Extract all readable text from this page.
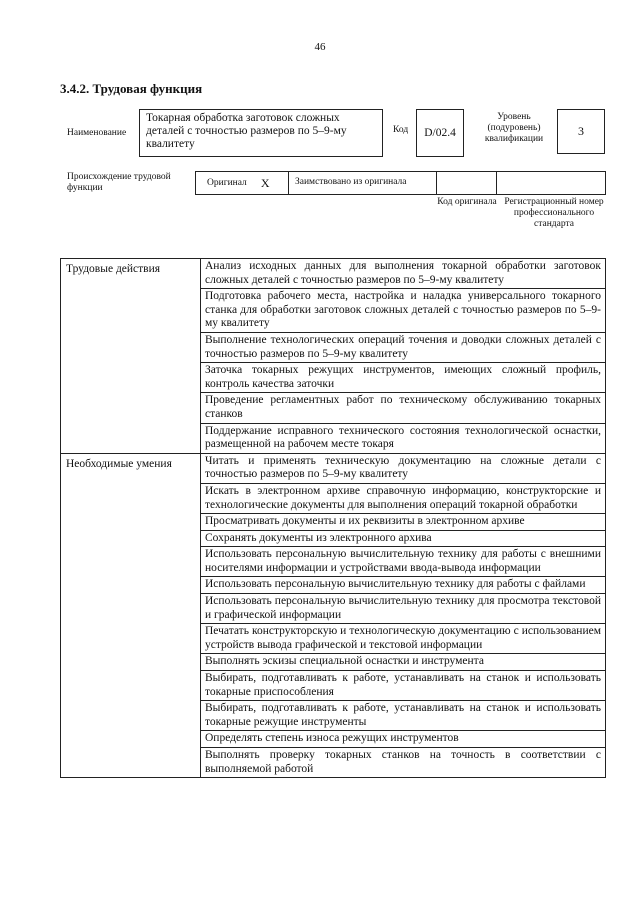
46
3.4.2. Трудовая функция
Наименование
Токарная обработка заготовок сложных деталей с точностью размеров по 5–9-му квалитету
Код D/02.4
Уровень (подуровень) квалификации
3
Происхождение трудовой функции
Оригинал X	Заимствовано из оригинала
Код оригинала Регистрационный номер профессионального стандарта
Трудовые действия	Анализ исходных данных для выполнения токарной обработки заготовок сложных деталей с точностью размеров по 5–9-му квалитету
	Подготовка рабочего места, настройка и наладка универсального токарного станка для обработки заготовок сложных деталей с точностью размеров по 5–9-му квалитету
	Выполнение технологических операций точения и доводки сложных деталей с точностью размеров по 5–9-му квалитету
	Заточка токарных режущих инструментов, имеющих сложный профиль, контроль качества заточки
	Проведение регламентных работ по техническому обслуживанию токарных станков
	Поддержание исправного технического состояния технологической оснастки, размещенной на рабочем месте токаря
Необходимые умения	Читать и применять техническую документацию на сложные детали с точностью размеров по 5–9-му квалитету
	Искать в электронном архиве справочную информацию, конструкторские и технологические документы для выполнения операций токарной обработки
	Просматривать документы и их реквизиты в электронном архиве
	Сохранять документы из электронного архива
	Использовать персональную вычислительную технику для работы с внешними носителями информации и устройствами ввода-вывода информации
	Использовать персональную вычислительную технику для работы с файлами
	Использовать персональную вычислительную технику для просмотра текстовой и графической информации
	Печатать конструкторскую и технологическую документацию с использованием устройств вывода графической и текстовой информации
	Выполнять эскизы специальной оснастки и инструмента
	Выбирать, подготавливать к работе, устанавливать на станок и использовать токарные приспособления
	Выбирать, подготавливать к работе, устанавливать на станок и использовать токарные режущие инструменты
	Определять степень износа режущих инструментов
	Выполнять проверку токарных станков на точность в соответствии с выполняемой работой
